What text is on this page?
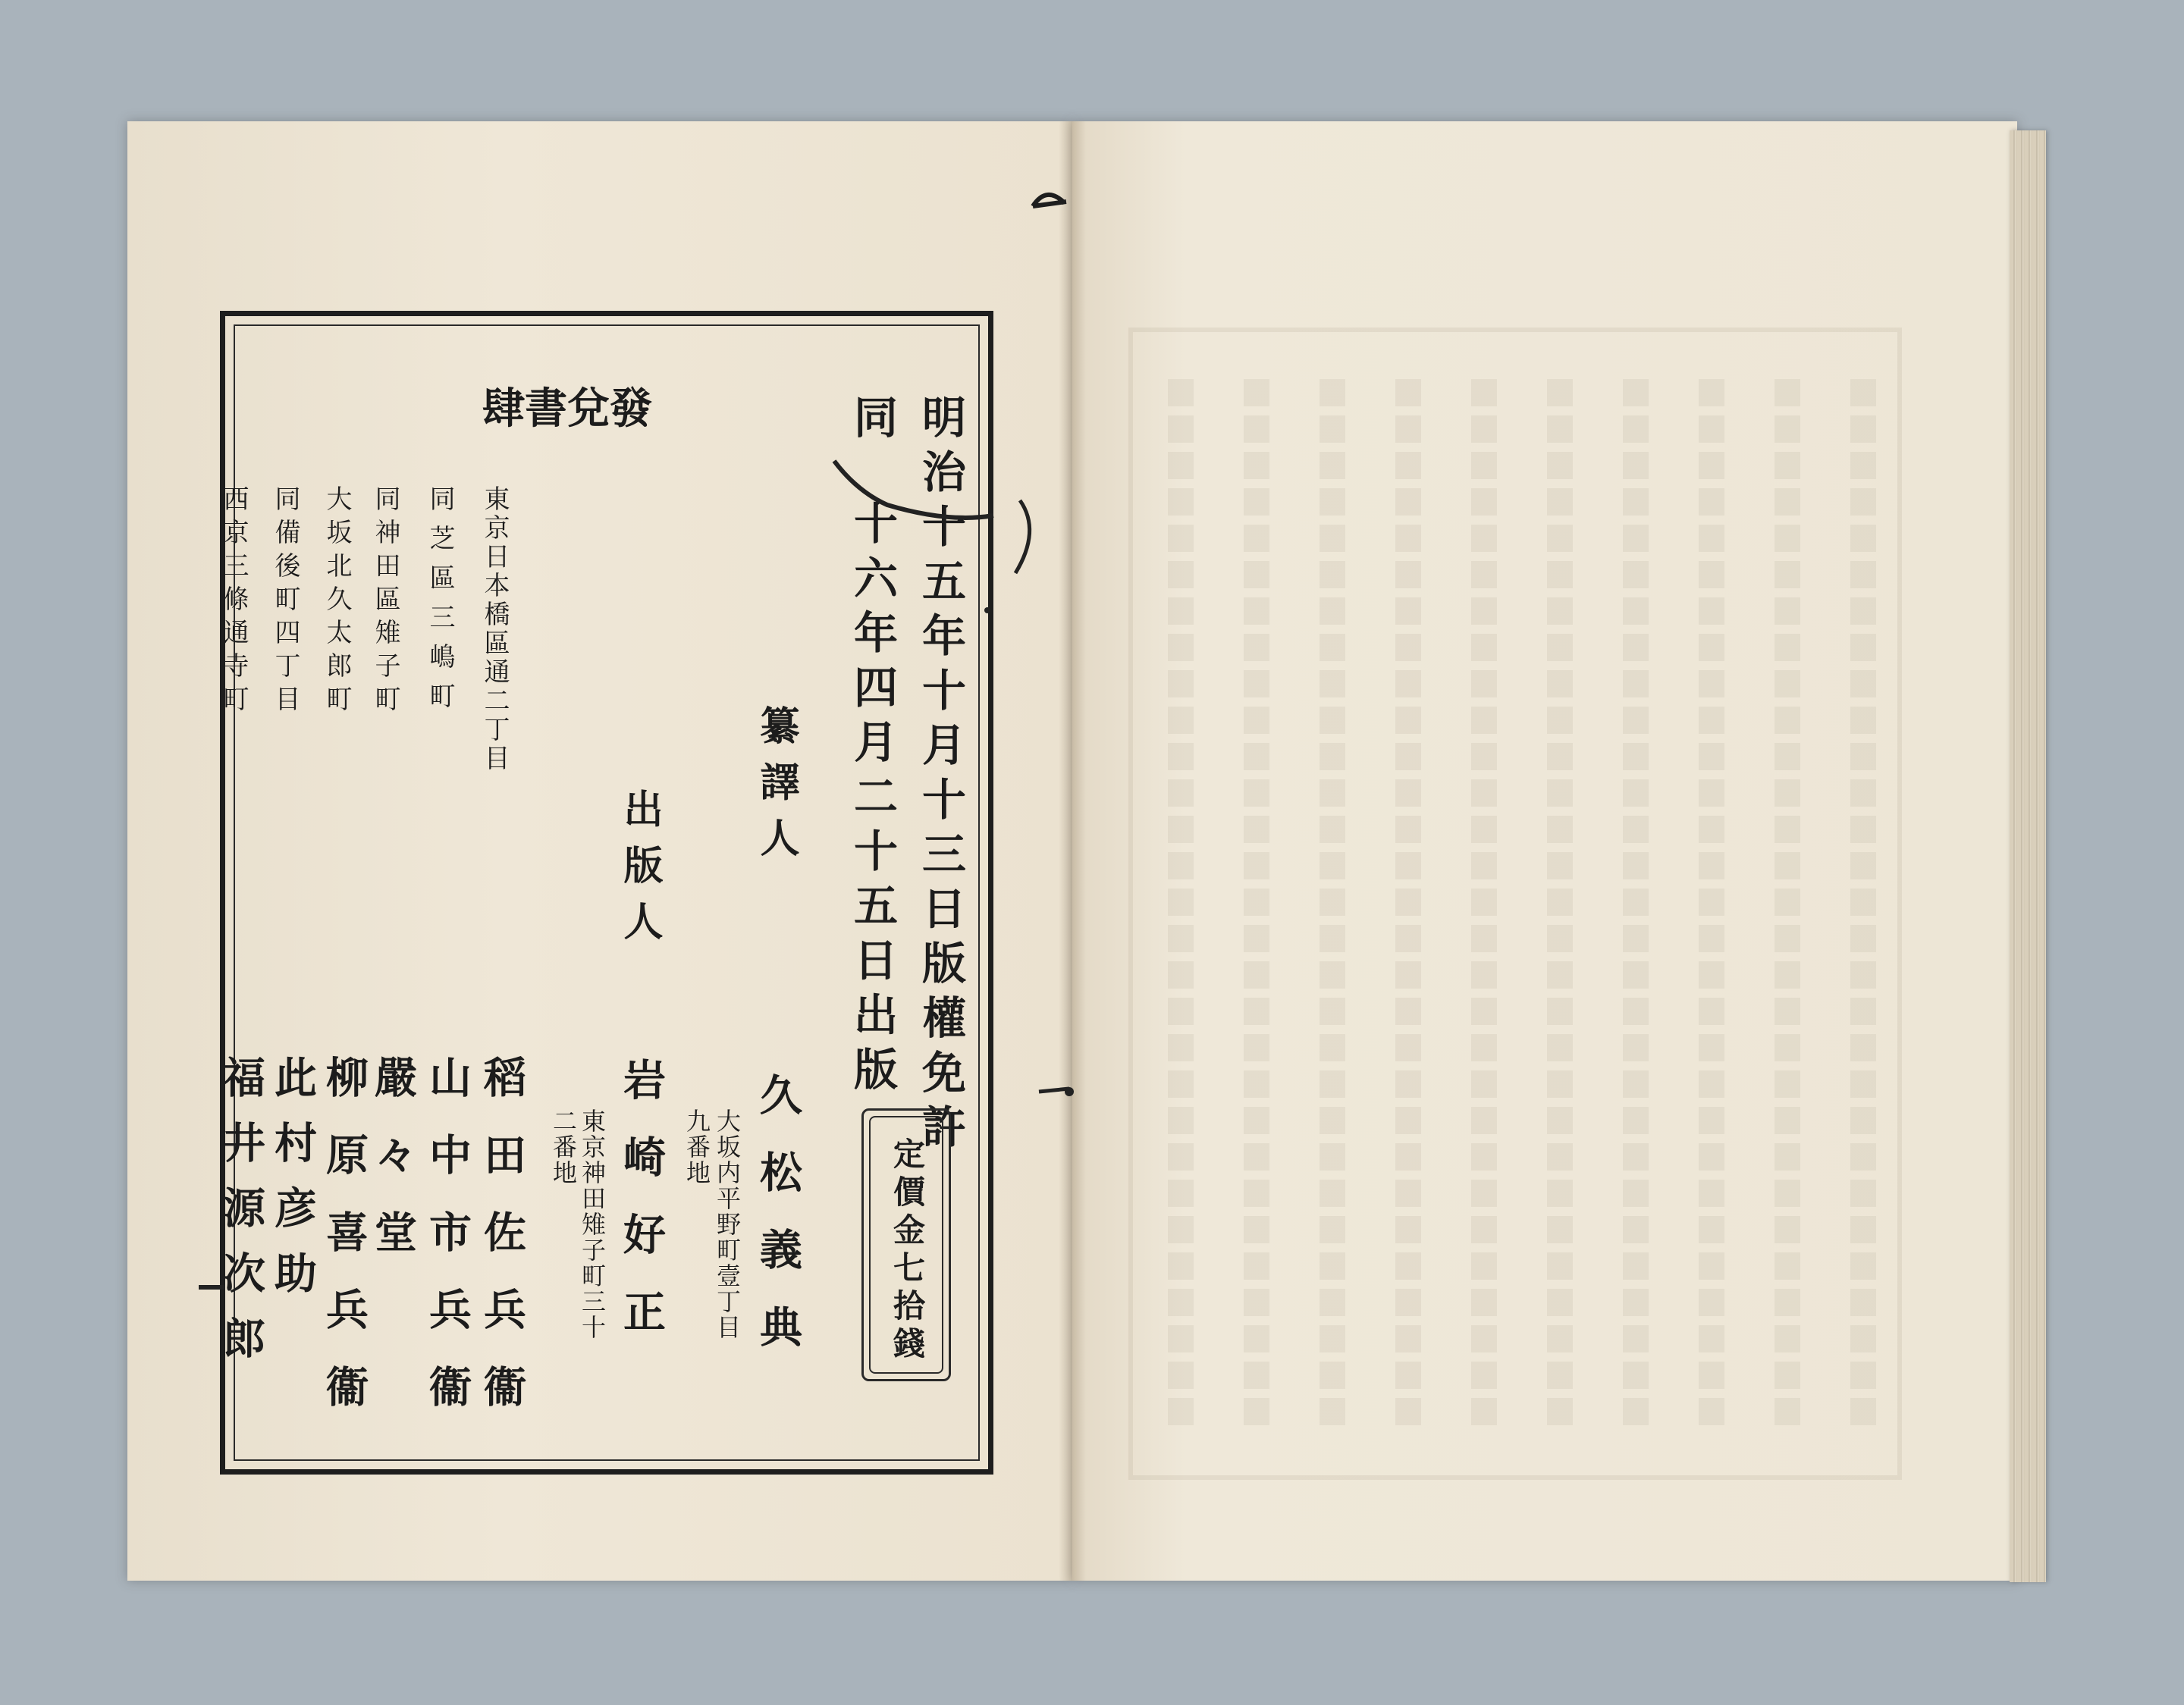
明治十五年十月十三日版權免許
同
十六年四月二十五日出版
纂譯人
久松義典
大坂内平野町壹丁目
九番地
出版人
岩崎好正
東京神田雉子町三十
二番地	定價金七拾錢
發兌書肆
東京日本橋區通二丁目
同芝區三嶋町
同神田區雉子町
大坂北久太郎町
同備後町四丁目
稻田佐兵衞
山中市兵衞
嚴々堂
柳原喜兵衞
此村彦助
西京三條通寺町
福井源次郎
